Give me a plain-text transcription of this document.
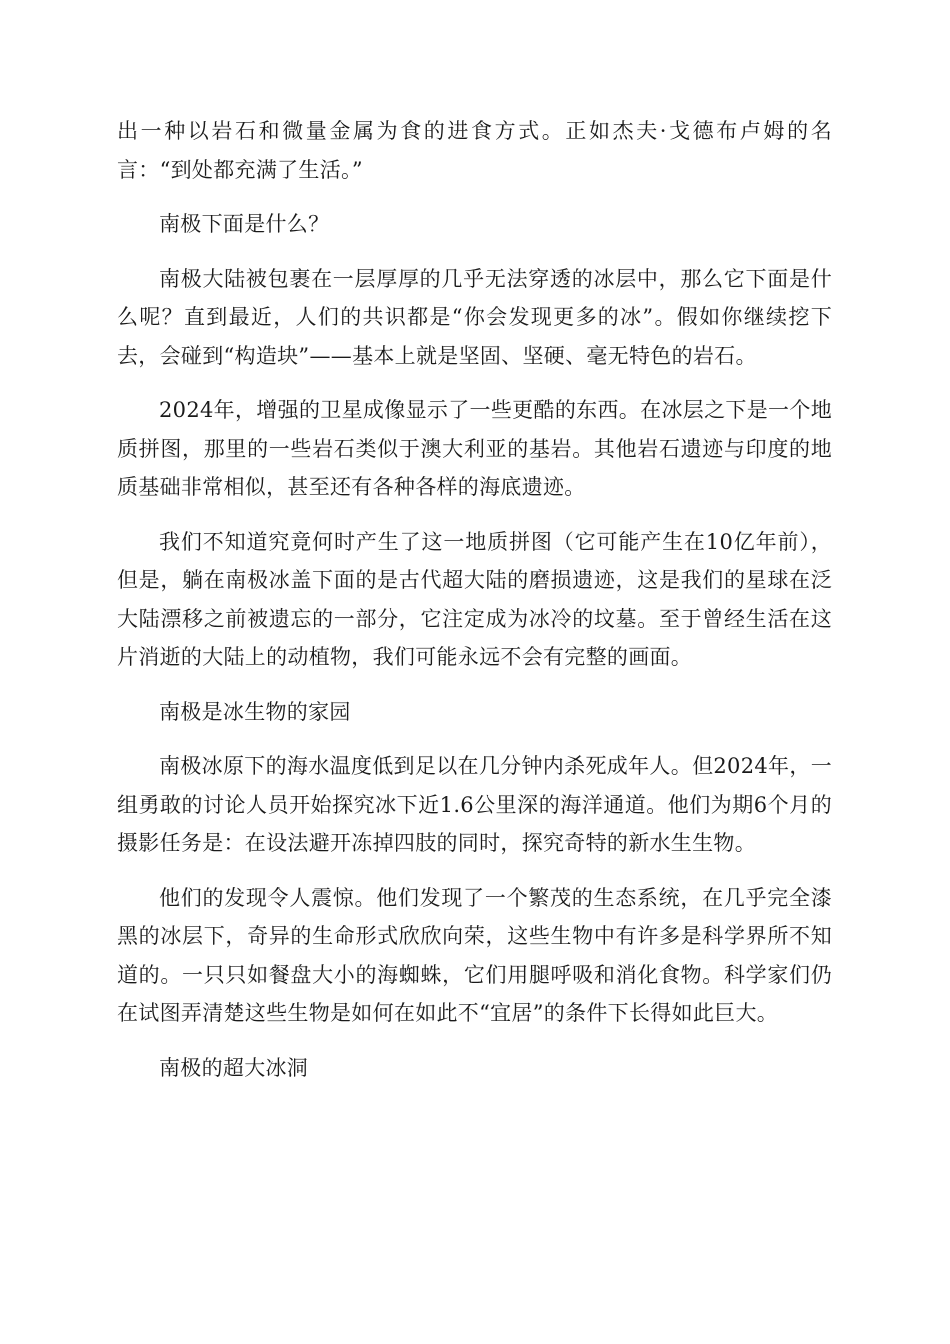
出一种以岩石和微量金属为食的进食方式。正如杰夫·戈德布卢姆的名言：“到处都充满了生活。”

南极下面是什么？

南极大陆被包裹在一层厚厚的几乎无法穿透的冰层中，那么它下面是什么呢？直到最近，人们的共识都是“你会发现更多的冰”。假如你继续挖下去，会碰到“构造块”——基本上就是坚固、坚硬、毫无特色的岩石。

2024年，增强的卫星成像显示了一些更酷的东西。在冰层之下是一个地质拼图，那里的一些岩石类似于澳大利亚的基岩。其他岩石遗迹与印度的地质基础非常相似，甚至还有各种各样的海底遗迹。

我们不知道究竟何时产生了这一地质拼图（它可能产生在10亿年前），但是，躺在南极冰盖下面的是古代超大陆的磨损遗迹，这是我们的星球在泛大陆漂移之前被遗忘的一部分，它注定成为冰冷的坟墓。至于曾经生活在这片消逝的大陆上的动植物，我们可能永远不会有完整的画面。

南极是冰生物的家园

南极冰原下的海水温度低到足以在几分钟内杀死成年人。但2024年，一组勇敢的讨论人员开始探究冰下近1.6公里深的海洋通道。他们为期6个月的摄影任务是：在设法避开冻掉四肢的同时，探究奇特的新水生生物。

他们的发现令人震惊。他们发现了一个繁茂的生态系统，在几乎完全漆黑的冰层下，奇异的生命形式欣欣向荣，这些生物中有许多是科学界所不知道的。一只只如餐盘大小的海蜘蛛，它们用腿呼吸和消化食物。科学家们仍在试图弄清楚这些生物是如何在如此不“宜居”的条件下长得如此巨大。

南极的超大冰洞
